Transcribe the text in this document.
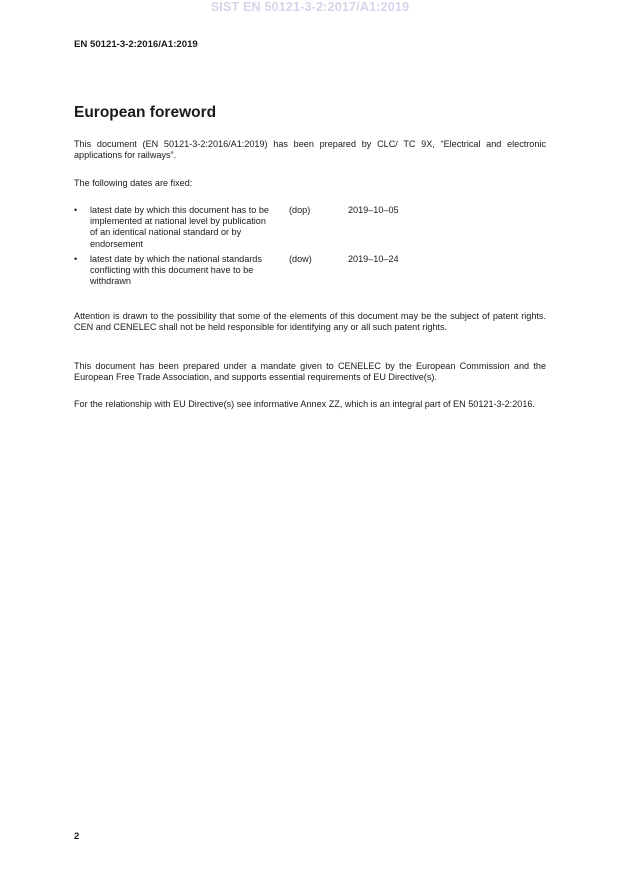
SIST EN 50121-3-2:2017/A1:2019
EN 50121-3-2:2016/A1:2019
European foreword

This document (EN 50121-3-2:2016/A1:2019) has been prepared by CLC/ TC 9X, “Electrical and electronic applications for railways”.

The following dates are fixed:

• latest date by which this document has to be implemented at national level by publication of an identical national standard or by endorsement
(dop)	2019–10–05
• latest date by which the national standards conflicting with this document have to be withdrawn
(dow)	2019–10–24

Attention is drawn to the possibility that some of the elements of this document may be the subject of patent rights. CEN and CENELEC shall not be held responsible for identifying any or all such patent rights.

This document has been prepared under a mandate given to CENELEC by the European Commission and the European Free Trade Association, and supports essential requirements of EU Directive(s).

For the relationship with EU Directive(s) see informative Annex ZZ, which is an integral part of EN 50121-3-2:2016.

2
